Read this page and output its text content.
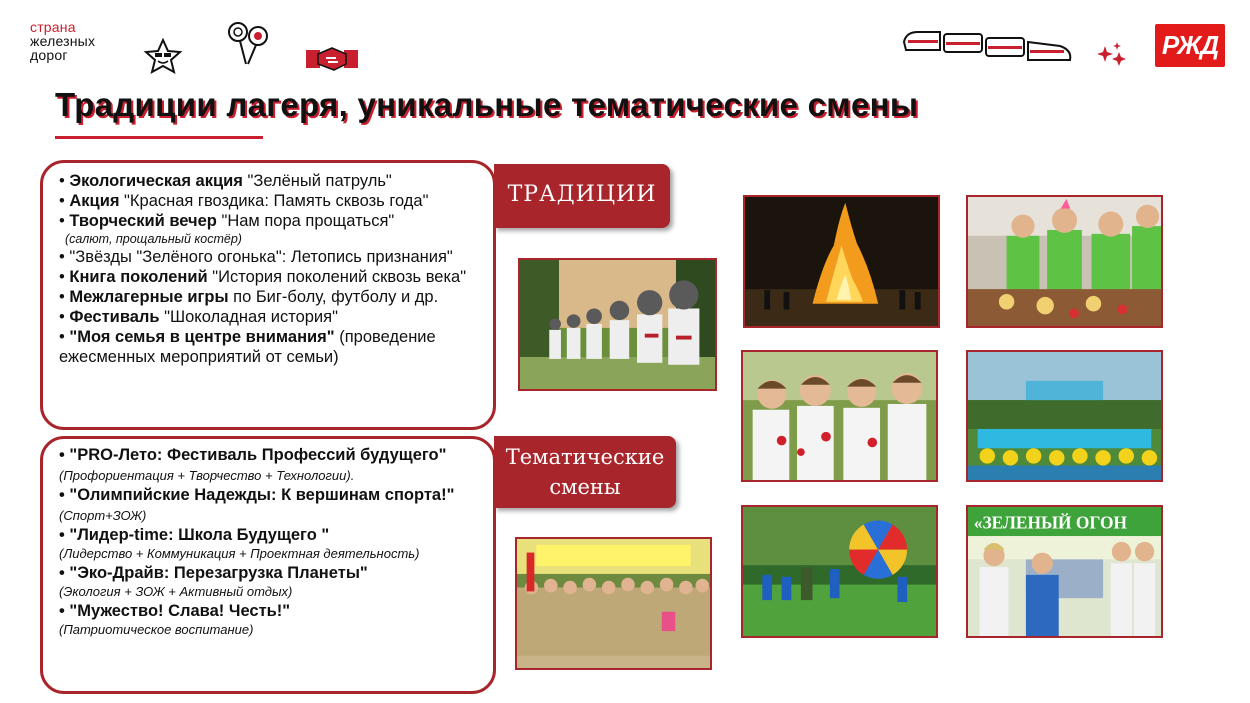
страна
железных
дорог	РЖД
Традиции лагеря, уникальные тематические смены
• Экологическая акция "Зелёный патруль"
• Акция "Красная гвоздика: Память сквозь года"
• Творческий вечер "Нам пора прощаться"
(салют, прощальный костёр)
• "Звёзды "Зелёного огонька": Летопись признания"
• Книга поколений "История поколений сквозь века"
• Межлагерные игры по Биг-болу, футболу и др.
• Фестиваль "Шоколадная история"
• "Моя семья в центре внимания" (проведение ежесменных мероприятий от семьи)
ТРАДИЦИИ
• "PRO-Лето: Фестиваль Профессий будущего" (Профориентация + Творчество + Технологии).
• "Олимпийские Надежды: К вершинам спорта!" (Спорт+ЗОЖ)
• "Лидер-time: Школа Будущего "
(Лидерство + Коммуникация + Проектная деятельность)
• "Эко-Драйв: Перезагрузка Планеты"
(Экология + ЗОЖ + Активный отдых)
• "Мужество! Слава! Честь!"
(Патриотическое воспитание)
Тематические
смены
«ЗЕЛЕНЫЙ ОГОН
